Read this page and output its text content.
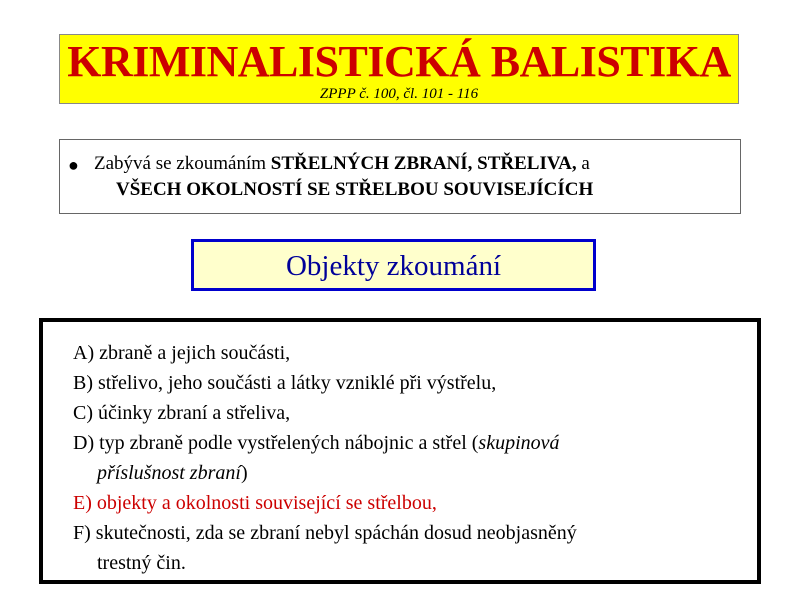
KRIMINALISTICKÁ BALISTIKA
ZPPP č. 100, čl. 101 - 116
● Zabývá se zkoumáním STŘELNÝCH ZBRANÍ, STŘELIVA, a
VŠECH OKOLNOSTÍ SE STŘELBOU SOUVISEJÍCÍCH
Objekty zkoumání
A) zbraně a jejich součásti,
B) střelivo, jeho součásti a látky vzniklé při výstřelu,
C) účinky zbraní a střeliva,
D) typ zbraně podle vystřelených nábojnic a střel (skupinová
příslušnost zbraní)
E) objekty a okolnosti související se střelbou,
F) skutečnosti, zda se zbraní nebyl spáchán dosud neobjasněný
trestný čin.
